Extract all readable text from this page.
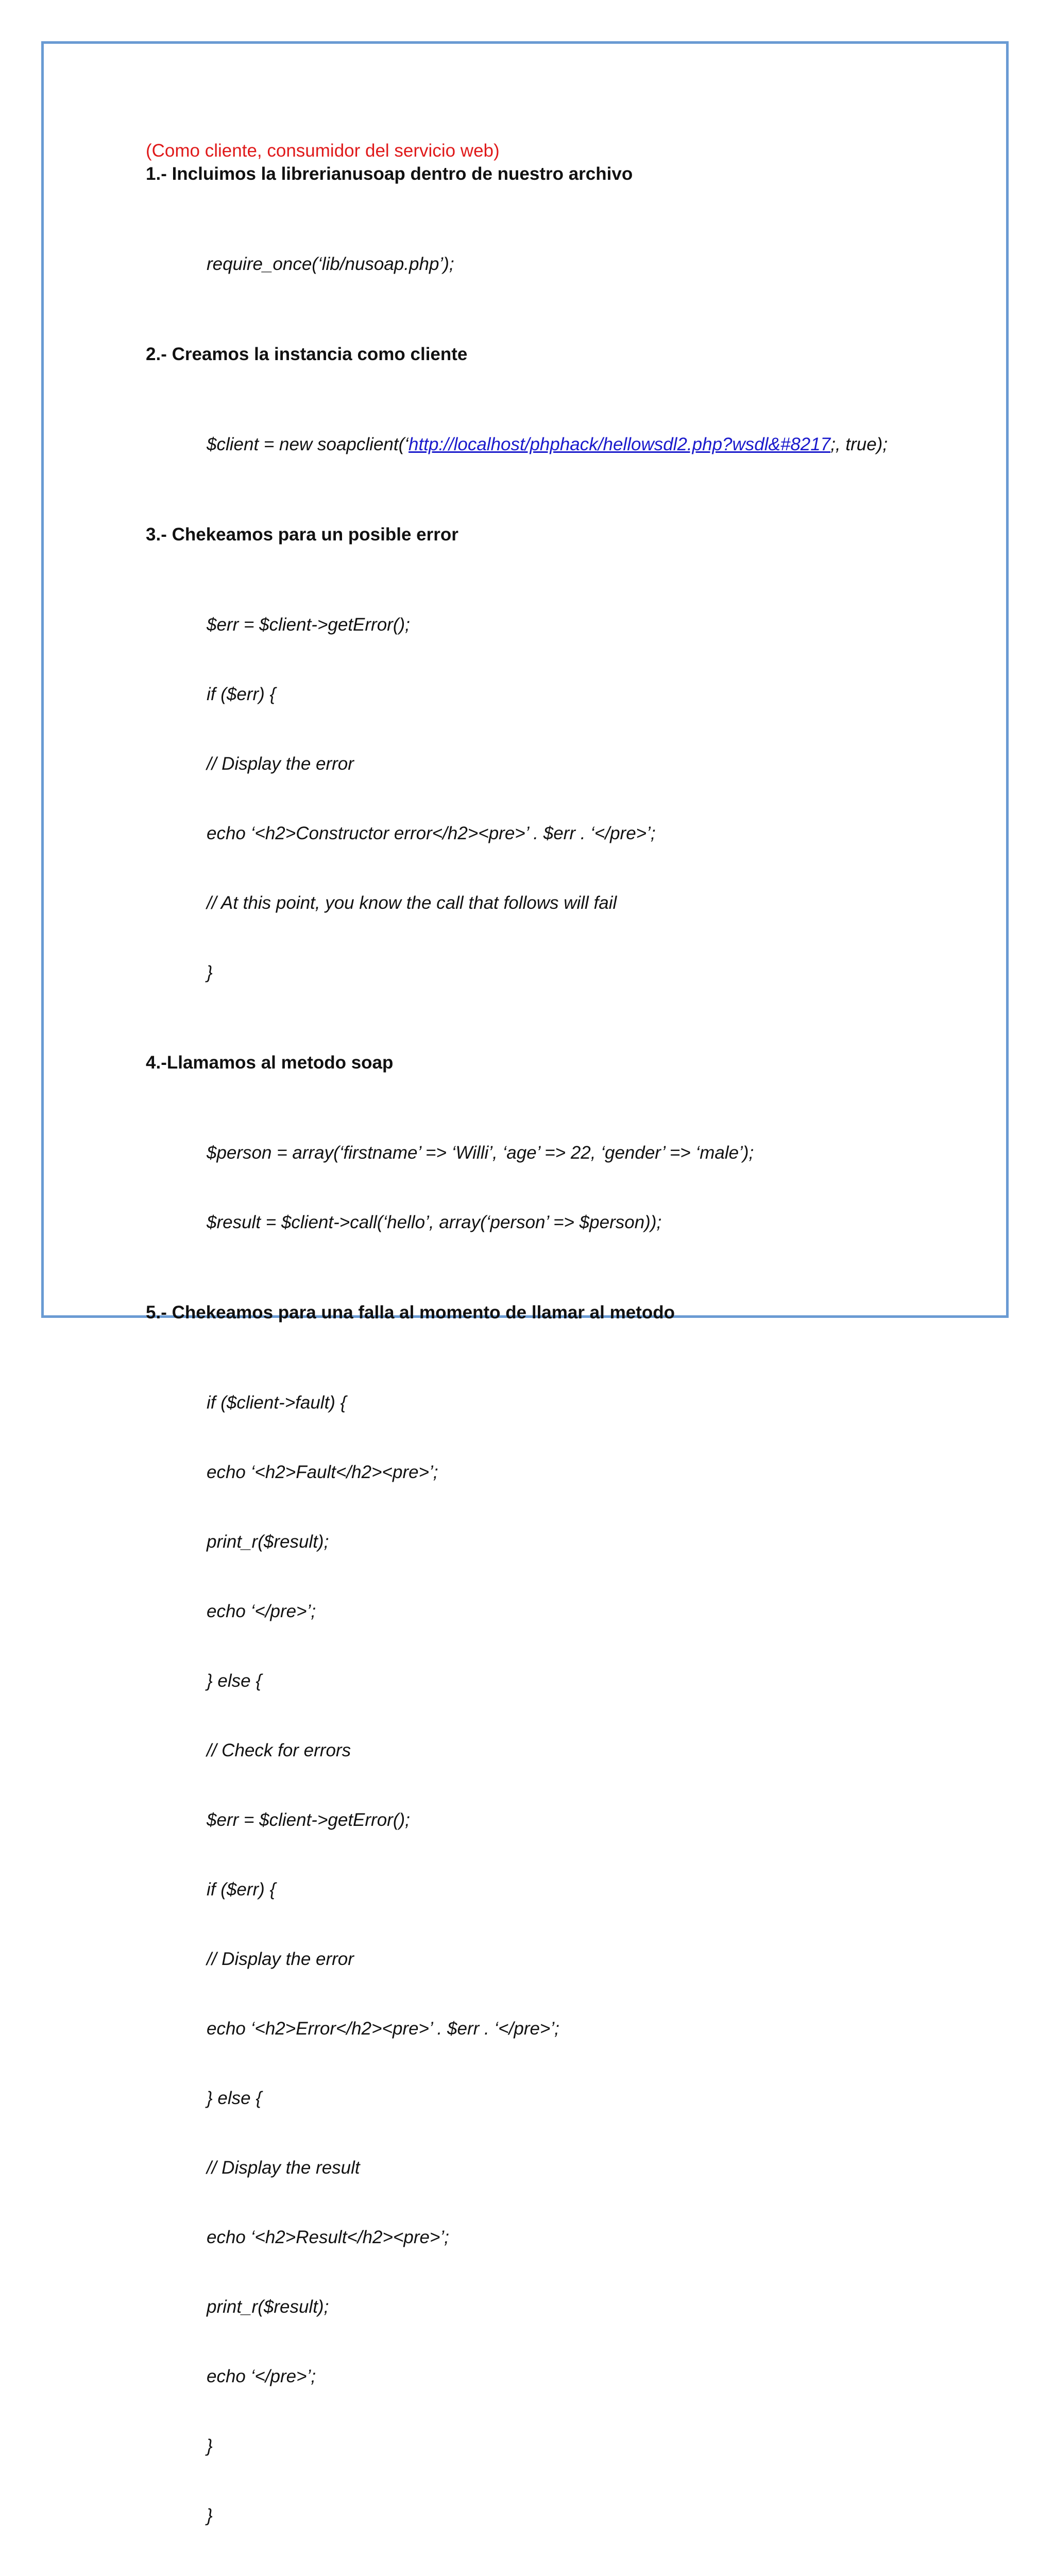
(Como cliente, consumidor del servicio web)

1.- Incluimos la librerianusoap dentro de nuestro archivo

require_once(‘lib/nusoap.php’);

2.- Creamos la instancia como cliente

$client = new soapclient(‘http://localhost/phphack/hellowsdl2.php?wsdl&#8217;, true);

3.- Chekeamos para un posible error

$err = $client->getError();

if ($err) {

// Display the error

echo ‘<h2>Constructor error</h2><pre>’ . $err . ‘</pre>’;

// At this point, you know the call that follows will fail

}

4.-Llamamos al metodo soap

$person = array(‘firstname’ => ‘Willi’, ‘age’ => 22, ‘gender’ => ‘male’);

$result = $client->call(‘hello’, array(‘person’ => $person));

5.- Chekeamos para una falla al momento de llamar al metodo

if ($client->fault) {

echo ‘<h2>Fault</h2><pre>’;

print_r($result);

echo ‘</pre>’;

} else {

// Check for errors

$err = $client->getError();

if ($err) {

// Display the error

echo ‘<h2>Error</h2><pre>’ . $err . ‘</pre>’;

} else {

// Display the result

echo ‘<h2>Result</h2><pre>’;

print_r($result);

echo ‘</pre>’;

}

}
